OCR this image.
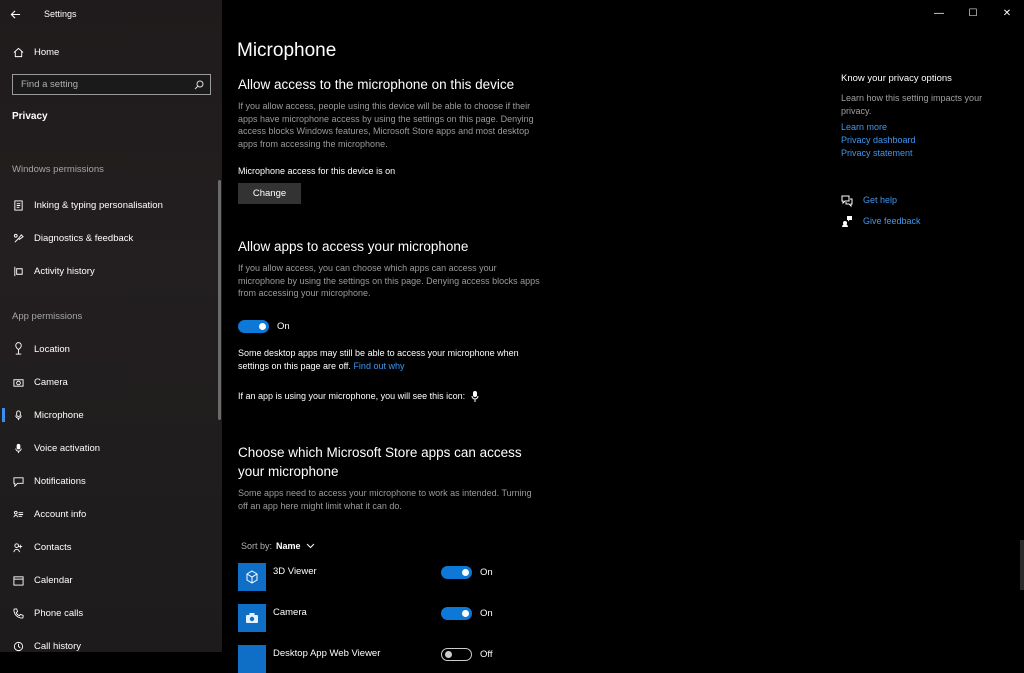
Settings
Home
Find a setting
Privacy
Windows permissions
Inking & typing personalisation
Diagnostics & feedback
Activity history
App permissions
Location
Camera
Microphone
Voice activation
Notifications
Account info
Contacts
Calendar
Phone calls
Call history
— ☐	✕
Microphone
Allow access to the microphone on this device
If you allow access, people using this device will be able to choose if their apps have microphone access by using the settings on this page. Denying access blocks Windows features, Microsoft Store apps and most desktop apps from accessing the microphone.
Microphone access for this device is on
Change
Allow apps to access your microphone
If you allow access, you can choose which apps can access your microphone by using the settings on this page. Denying access blocks apps from accessing your microphone.
On
Some desktop apps may still be able to access your microphone when settings on this page are off. Find out why
If an app is using your microphone, you will see this icon:
Choose which Microsoft Store apps can access
your microphone
Some apps need to access your microphone to work as intended. Turning off an app here might limit what it can do.
Sort by: Name
3D Viewer	On
Camera	On
Desktop App Web Viewer	Off
Know your privacy options
Learn how this setting impacts your privacy.
Learn more
Privacy dashboard
Privacy statement
Get help
Give feedback
